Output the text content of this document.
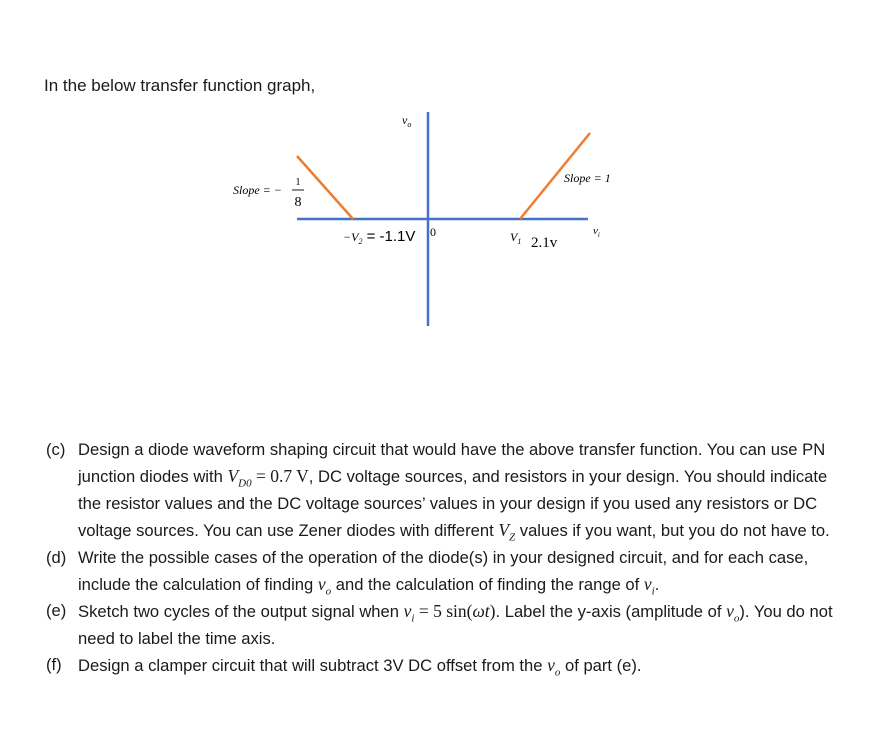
In the below transfer function graph,
$v_o$
Slope = −
1
8
Slope = 1
$-V_2 = -1.1V$ 0	$V_1$ 2.1v
$v_i$
(c) Design a diode waveform shaping circuit that would have the above transfer function. You can use PN junction diodes with $V_{D0} = 0.7$ V, DC voltage sources, and resistors in your design. You should indicate the resistor values and the DC voltage sources’ values in your design if you used any resistors or DC voltage sources. You can use Zener diodes with different $V_Z$ values if you want, but you do not have to.
(d) Write the possible cases of the operation of the diode(s) in your designed circuit, and for each case, include the calculation of finding $v_o$ and the calculation of finding the range of $v_i$.
(e) Sketch two cycles of the output signal when $v_i = 5$ sin(ωt). Label the y-axis (amplitude of $v_o$). You do not need to label the time axis.
(f) Design a clamper circuit that will subtract 3V DC offset from the $v_o$ of part (e).
